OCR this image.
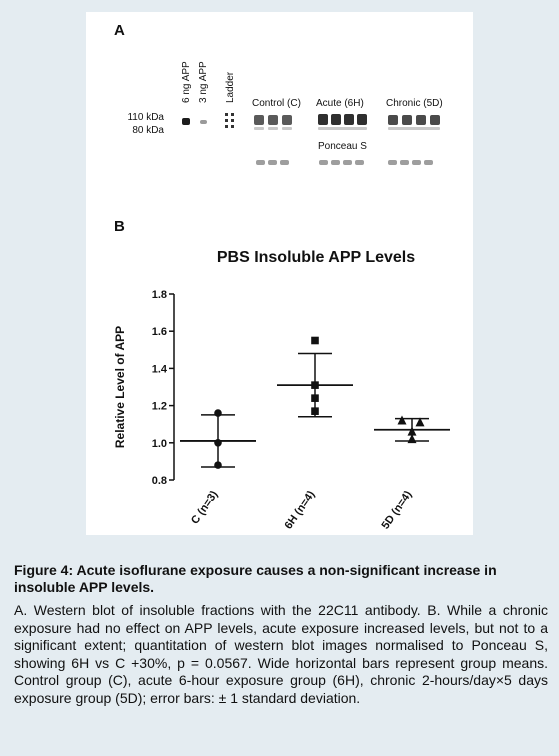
A
6 ng APP 3 ng APP Ladder
110 kDa
80 kDa
Control (C) Acute (6H) Chronic (5D)
Ponceau S
B
PBS Insoluble APP Levels
Relative Level of APP
0.8
1.0
1.2
1.4
1.6
1.8
C (n=3)	6H (n=4)	5D (n=4)

Figure 4: Acute isoflurane exposure causes a non-significant increase in insoluble APP levels.

A. Western blot of insoluble fractions with the 22C11 antibody. B. While a chronic exposure had no effect on APP levels, acute exposure increased levels, but not to a significant extent; quantitation of western blot images normalised to Ponceau S, showing 6H vs C +30%, p = 0.0567. Wide horizontal bars represent group means. Control group (C), acute 6-hour exposure group (6H), chronic 2-hours/day×5 days exposure group (5D); error bars: ± 1 standard deviation.
